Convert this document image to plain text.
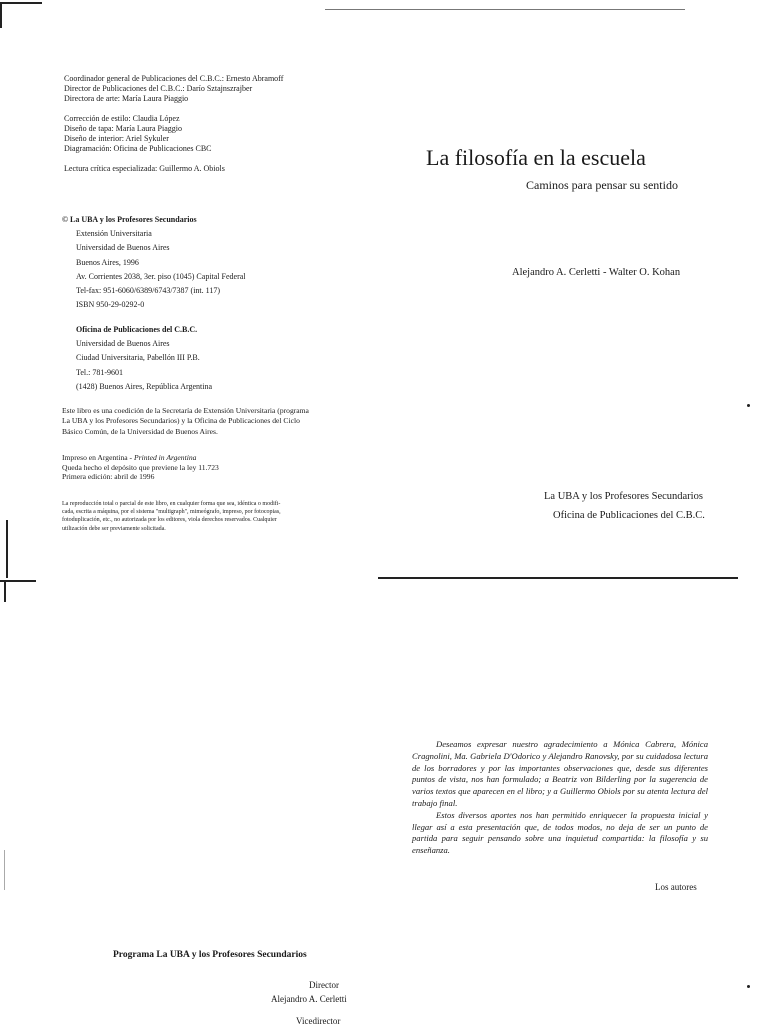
Coordinador general de Publicaciones del C.B.C.: Ernesto Abramoff
Director de Publicaciones del C.B.C.: Darío Sztajnszrajber
Directora de arte: María Laura Piaggio
Corrección de estilo: Claudia López
Diseño de tapa: María Laura Piaggio
Diseño de interior: Ariel Sykuler
Diagramación: Oficina de Publicaciones CBC
Lectura crítica especializada: Guillermo A. Obiols
© La UBA y los Profesores Secundarios
Extensión Universitaria
Universidad de Buenos Aires
Buenos Aires, 1996
Av. Corrientes 2038, 3er. piso (1045) Capital Federal
Tel-fax: 951-6060/6389/6743/7387 (int. 117)
ISBN 950-29-0292-0
Oficina de Publicaciones del C.B.C.
Universidad de Buenos Aires
Ciudad Universitaria, Pabellón III P.B.
Tel.: 781-9601
(1428) Buenos Aires, República Argentina
Este libro es una coedición de la Secretaría de Extensión Universitaria (programa
La UBA y los Profesores Secundarios) y la Oficina de Publicaciones del Ciclo
Básico Común, de la Universidad de Buenos Aires.
Impreso en Argentina - Printed in Argentina
Queda hecho el depósito que previene la ley 11.723
Primera edición: abril de 1996
La reproducción total o parcial de este libro, en cualquier forma que sea, idéntica o modifi-
cada, escrita a máquina, por el sistema "multigraph", mimeógrafo, impreso, por fotocopias,
fotoduplicación, etc., no autorizada por los editores, viola derechos reservados. Cualquier
utilización debe ser previamente solicitada.
La filosofía en la escuela
Caminos para pensar su sentido
Alejandro A. Cerletti - Walter O. Kohan
La UBA y los Profesores Secundarios
Oficina de Publicaciones del C.B.C.

Deseamos expresar nuestro agradecimiento a Mónica Cabrera, Mónica Cragnolini, Ma. Gabriela D'Odorico y Alejandro Ranovsky, por su cuidadosa lectura de los borradores y por las importantes observaciones que, desde sus diferentes puntos de vista, nos han formulado; a Beatriz von Bilderling por la sugerencia de varios textos que aparecen en el libro; y a Guillermo Obiols por su atenta lectura del trabajo final.

Estos diversos aportes nos han permitido enriquecer la propuesta inicial y llegar así a esta presentación que, de todos modos, no deja de ser un punto de partida para seguir pensando sobre una inquietud compartida: la filosofía y su enseñanza.

Los autores
Programa La UBA y los Profesores Secundarios
Director
Alejandro A. Cerletti
Vicedirector
